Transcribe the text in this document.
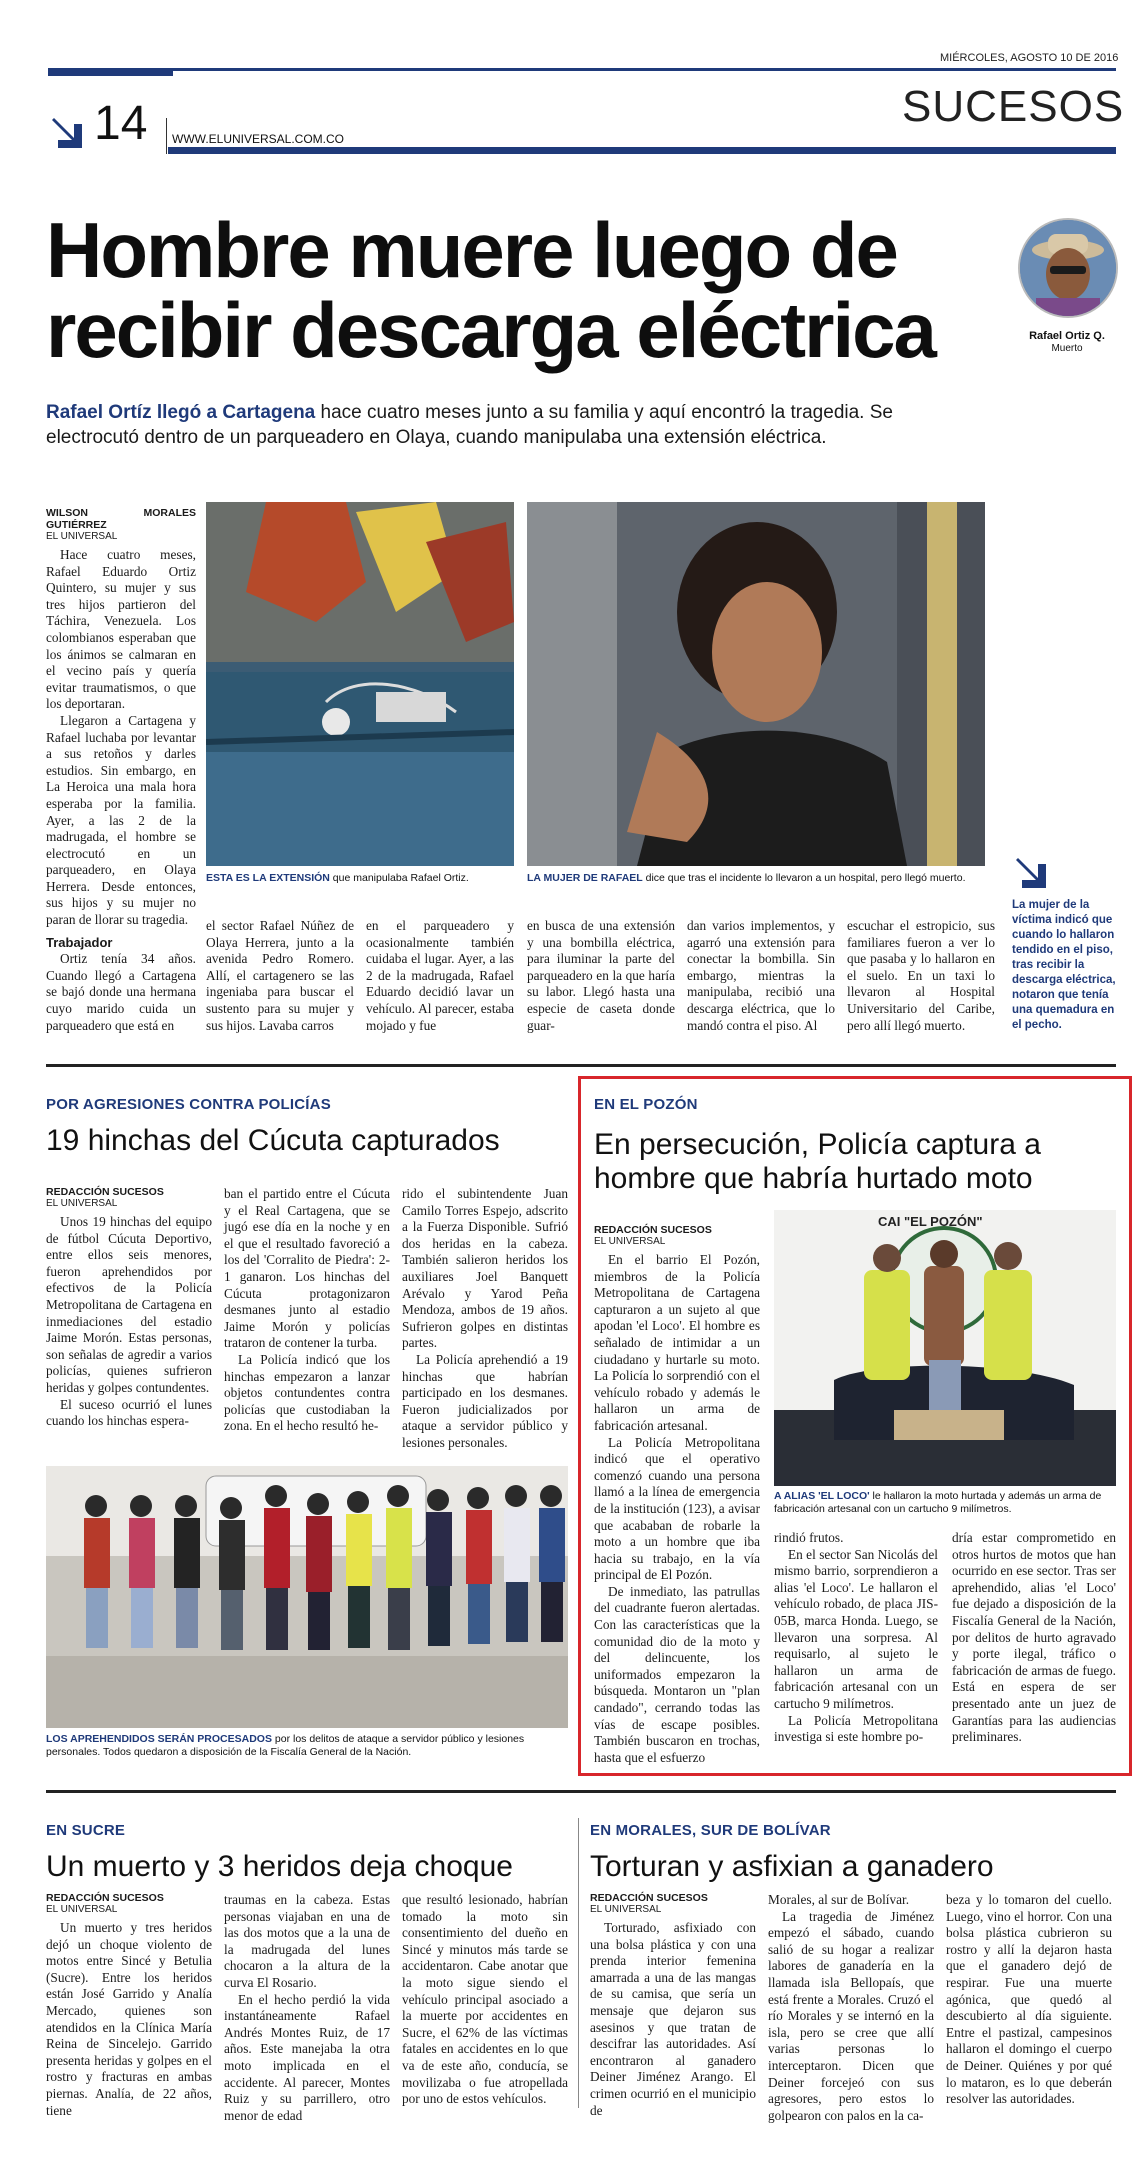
MIÉRCOLES, AGOSTO 10 DE 2016
SUCESOS
14 WWW.ELUNIVERSAL.COM.CO
Hombre muere luego de
recibir descarga eléctrica	Rafael Ortiz Q.
Muerto
Rafael Ortíz llegó a Cartagena hace cuatro meses junto a su familia y aquí encontró la tragedia. Se electrocutó dentro de un parqueadero en Olaya, cuando manipulaba una extensión eléctrica.
WILSON MORALES GUTIÉRREZ
EL UNIVERSAL

Hace cuatro meses, Rafael Eduardo Ortiz Quintero, su mujer y sus tres hijos partieron del Táchira, Venezuela. Los colombianos esperaban que los ánimos se calmaran en el vecino país y quería evitar traumatismos, o que los deportaran.

Llegaron a Cartagena y Rafael luchaba por levantar a sus retoños y darles estudios. Sin embargo, en La Heroica una mala hora esperaba por la familia. Ayer, a las 2 de la madrugada, el hombre se electrocutó en un parqueadero, en Olaya Herrera. Desde entonces, sus hijos y su mujer no paran de llorar su tragedia.

Trabajador

Ortiz tenía 34 años. Cuando llegó a Cartagena se bajó donde una hermana cuyo marido cuida un parqueadero que está en

ESTA ES LA EXTENSIÓN que manipulaba Rafael Ortiz.	LA MUJER DE RAFAEL dice que tras el incidente lo llevaron a un hospital, pero llegó muerto.

el sector Rafael Núñez de Olaya Herrera, junto a la avenida Pedro Romero. Allí, el cartagenero se las ingeniaba para buscar el sustento para su mujer y sus hijos. Lavaba carros

en el parqueadero y ocasionalmente también cuidaba el lugar. Ayer, a las 2 de la madrugada, Rafael Eduardo decidió lavar un vehículo. Al parecer, estaba mojado y fue

en busca de una extensión y una bombilla eléctrica, para iluminar la parte del parqueadero en la que haría su labor. Llegó hasta una especie de caseta donde guar-

dan varios implementos, y agarró una extensión para conectar la bombilla. Sin embargo, mientras la manipulaba, recibió una descarga eléctrica, que lo mandó contra el piso. Al

escuchar el estropicio, sus familiares fueron a ver lo que pasaba y lo hallaron en el suelo. En un taxi lo llevaron al Hospital Universitario del Caribe, pero allí llegó muerto.

La mujer de la víctima indicó que cuando lo hallaron tendido en el piso, tras recibir la descarga eléctrica, notaron que tenía una quemadura en el pecho.
POR AGRESIONES CONTRA POLICÍAS
19 hinchas del Cúcuta capturados
REDACCIÓN SUCESOS
EL UNIVERSAL

Unos 19 hinchas del equipo de fútbol Cúcuta Deportivo, entre ellos seis menores, fueron aprehendidos por efectivos de la Policía Metropolitana de Cartagena en inmediaciones del estadio Jaime Morón. Estas personas, son señalas de agredir a varios policías, quienes sufrieron heridas y golpes contundentes.

El suceso ocurrió el lunes cuando los hinchas espera-

ban el partido entre el Cúcuta y el Real Cartagena, que se jugó ese día en la noche y en el que el resultado favoreció a los del 'Corralito de Piedra': 2-1 ganaron. Los hinchas del Cúcuta protagonizaron desmanes junto al estadio Jaime Morón y policías trataron de contener la turba.

La Policía indicó que los hinchas empezaron a lanzar objetos contundentes contra policías que custodiaban la zona. En el hecho resultó he-

rido el subintendente Juan Camilo Torres Espejo, adscrito a la Fuerza Disponible. Sufrió dos heridas en la cabeza. También salieron heridos los auxiliares Joel Banquett Arévalo y Yarod Peña Mendoza, ambos de 19 años. Sufrieron golpes en distintas partes.

La Policía aprehendió a 19 hinchas que habrían participado en los desmanes. Fueron judicializados por ataque a servidor público y lesiones personales.

LOS APREHENDIDOS SERÁN PROCESADOS por los delitos de ataque a servidor público y lesiones personales. Todos quedaron a disposición de la Fiscalía General de la Nación.
EN EL POZÓN
En persecución, Policía captura a
hombre que habría hurtado moto
REDACCIÓN SUCESOS
EL UNIVERSAL

En el barrio El Pozón, miembros de la Policía Metropolitana de Cartagena capturaron a un sujeto al que apodan 'el Loco'. El hombre es señalado de intimidar a un ciudadano y hurtarle su moto. La Policía lo sorprendió con el vehículo robado y además le hallaron un arma de fabricación artesanal.

La Policía Metropolitana indicó que el operativo comenzó cuando una persona llamó a la línea de emergencia de la institución (123), a avisar que acababan de robarle la moto a un hombre que iba hacia su trabajo, en la vía principal de El Pozón.

De inmediato, las patrullas del cuadrante fueron alertadas. Con las características que la comunidad dio de la moto y del delincuente, los uniformados empezaron la búsqueda. Montaron un "plan candado", cerrando todas las vías de escape posibles. También buscaron en trochas, hasta que el esfuerzo

CAI "EL POZÓN"
A ALIAS 'EL LOCO' le hallaron la moto hurtada y además un arma de fabricación artesanal con un cartucho 9 milímetros.

rindió frutos.

En el sector San Nicolás del mismo barrio, sorprendieron a alias 'el Loco'. Le hallaron el vehículo robado, de placa JIS-05B, marca Honda. Luego, se llevaron una sorpresa. Al requisarlo, al sujeto le hallaron un arma de fabricación artesanal con un cartucho 9 milímetros.

La Policía Metropolitana investiga si este hombre po-

dría estar comprometido en otros hurtos de motos que han ocurrido en ese sector. Tras ser aprehendido, alias 'el Loco' fue dejado a disposición de la Fiscalía General de la Nación, por delitos de hurto agravado y porte ilegal, tráfico o fabricación de armas de fuego. Está en espera de ser presentado ante un juez de Garantías para las audiencias preliminares.

EN SUCRE
Un muerto y 3 heridos deja choque
REDACCIÓN SUCESOS
EL UNIVERSAL

Un muerto y tres heridos dejó un choque violento de motos entre Sincé y Betulia (Sucre). Entre los heridos están José Garrido y Analía Mercado, quienes son atendidos en la Clínica María Reina de Sincelejo. Garrido presenta heridas y golpes en el rostro y fracturas en ambas piernas. Analía, de 22 años, tiene

traumas en la cabeza. Estas personas viajaban en una de las dos motos que a la una de la madrugada del lunes chocaron a la altura de la curva El Rosario.

En el hecho perdió la vida instantáneamente Rafael Andrés Montes Ruiz, de 17 años. Este manejaba la otra moto implicada en el accidente. Al parecer, Montes Ruiz y su parrillero, otro menor de edad

que resultó lesionado, habrían tomado la moto sin consentimiento del dueño en Sincé y minutos más tarde se accidentaron. Cabe anotar que la moto sigue siendo el vehículo principal asociado a la muerte por accidentes en Sucre, el 62% de las víctimas fatales en accidentes en lo que va de este año, conducía, se movilizaba o fue atropellada por uno de estos vehículos.

EN MORALES, SUR DE BOLÍVAR
Torturan y asfixian a ganadero
REDACCIÓN SUCESOS
EL UNIVERSAL

Torturado, asfixiado con una bolsa plástica y con una prenda interior femenina amarrada a una de las mangas de su camisa, que sería un mensaje que dejaron sus asesinos y que tratan de descifrar las autoridades. Así encontraron al ganadero Deiner Jiménez Arango. El crimen ocurrió en el municipio de

Morales, al sur de Bolívar.

La tragedia de Jiménez empezó el sábado, cuando salió de su hogar a realizar labores de ganadería en la llamada isla Bellopaís, que está frente a Morales. Cruzó el río Morales y se internó en la isla, pero se cree que allí varias personas lo interceptaron. Dicen que Deiner forcejeó con sus agresores, pero estos lo golpearon con palos en la ca-

beza y lo tomaron del cuello. Luego, vino el horror. Con una bolsa plástica cubrieron su rostro y allí la dejaron hasta que el ganadero dejó de respirar. Fue una muerte agónica, que quedó al descubierto al día siguiente. Entre el pastizal, campesinos hallaron el domingo el cuerpo de Deiner. Quiénes y por qué lo mataron, es lo que deberán resolver las autoridades.
